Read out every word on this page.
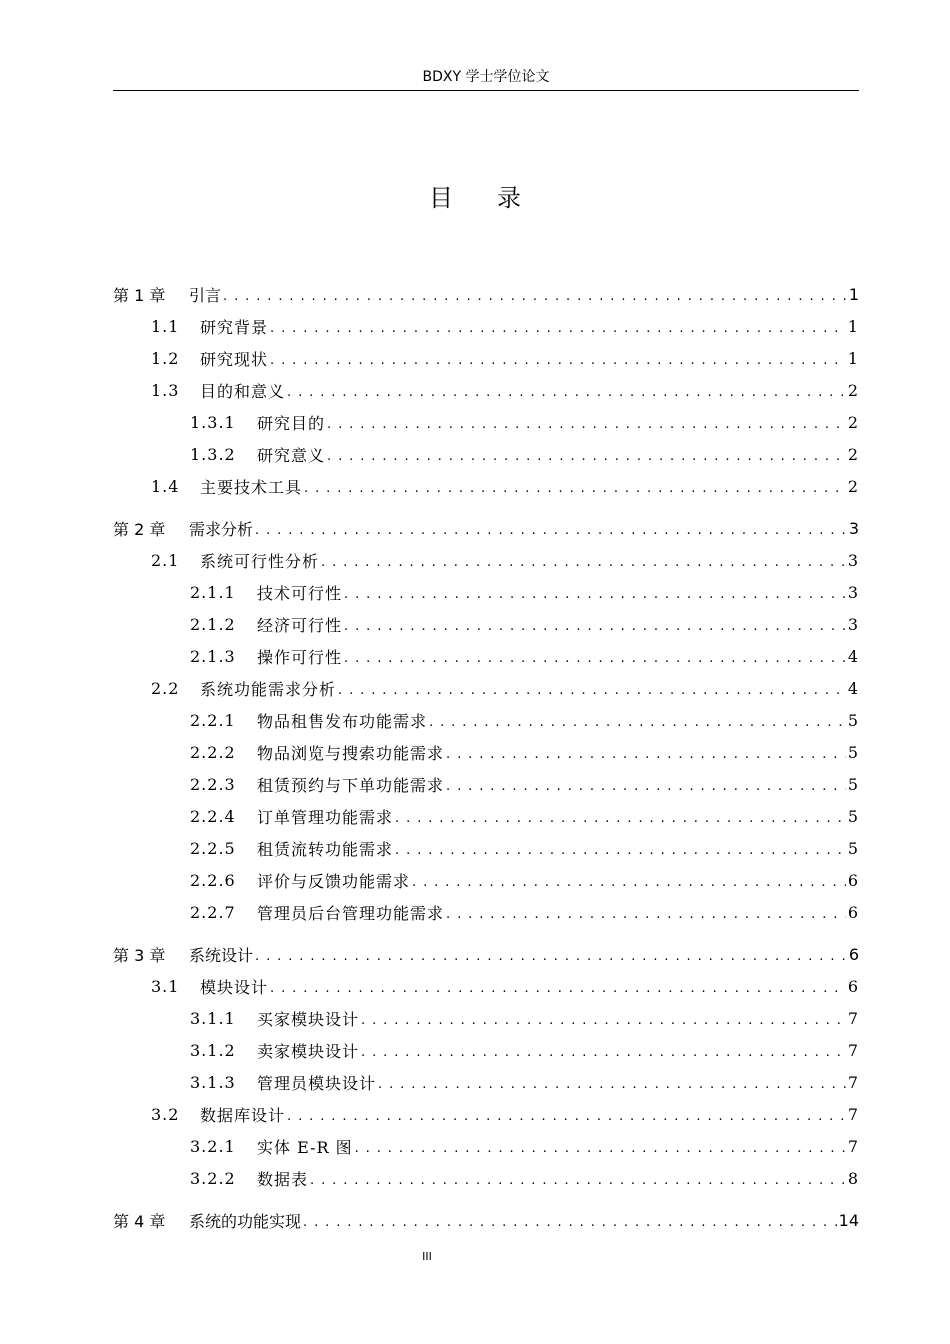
BDXY 学士学位论文
目录
第 1 章	引言 . . .	1
1.1	研究背景 . . .	1
1.2	研究现状 . . .	1
1.3	目的和意义 . . .	2
1.3.1	研究目的 . . .	2
1.3.2	研究意义 . . .	2
1.4	主要技术工具 . . .	2
第 2 章	需求分析 . . .	3
2.1	系统可行性分析 . . .	3
2.1.1	技术可行性 . . .	3
2.1.2	经济可行性 . . .	3
2.1.3	操作可行性 . . .	4
2.2	系统功能需求分析 . . .	4
2.2.1	物品租售发布功能需求 . . .	5
2.2.2	物品浏览与搜索功能需求 . . .	5
2.2.3	租赁预约与下单功能需求 . . .	5
2.2.4	订单管理功能需求 . . .	5
2.2.5	租赁流转功能需求 . . .	5
2.2.6	评价与反馈功能需求 . . .	6
2.2.7	管理员后台管理功能需求 . . .	6
第 3 章	系统设计 . . .	6
3.1	模块设计 . . .	6
3.1.1	买家模块设计 . . .	7
3.1.2	卖家模块设计 . . .	7
3.1.3	管理员模块设计 . . .	7
3.2	数据库设计 . . .	7
3.2.1	实体 E-R 图 . . .	7
3.2.2	数据表 . . .	8
第 4 章	系统的功能实现 . . .	14
III
